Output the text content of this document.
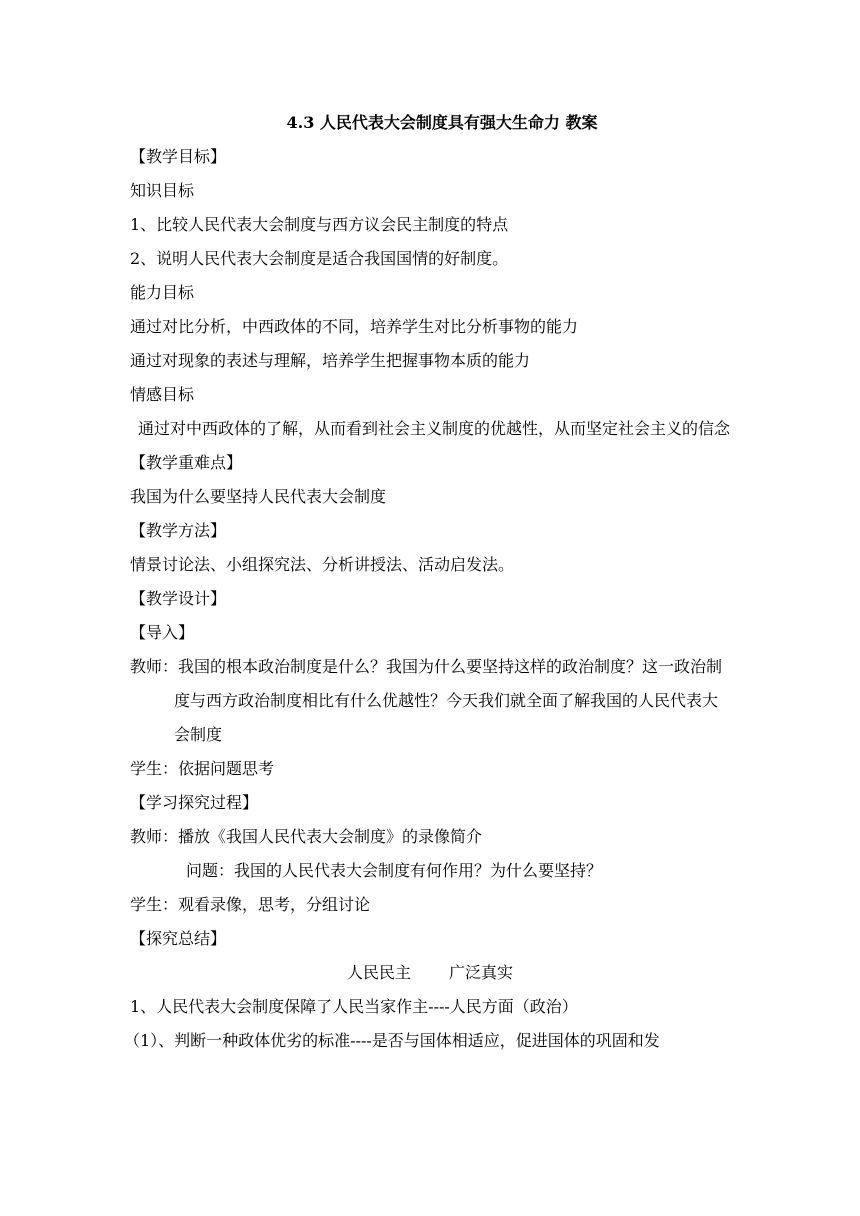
4.3 人民代表大会制度具有强大生命力 教案
【教学目标】
知识目标
1、比较人民代表大会制度与西方议会民主制度的特点
2、说明人民代表大会制度是适合我国国情的好制度。
能力目标
通过对比分析，中西政体的不同，培养学生对比分析事物的能力
通过对现象的表述与理解，培养学生把握事物本质的能力
情感目标
通过对中西政体的了解，从而看到社会主义制度的优越性，从而坚定社会主义的信念
【教学重难点】
我国为什么要坚持人民代表大会制度
【教学方法】
情景讨论法、小组探究法、分析讲授法、活动启发法。
【教学设计】
【导入】
教师：我国的根本政治制度是什么？我国为什么要坚持这样的政治制度？这一政治制度与西方政治制度相比有什么优越性？今天我们就全面了解我国的人民代表大会制度
学生：依据问题思考
【学习探究过程】
教师：播放《我国人民代表大会制度》的录像简介
问题：我国的人民代表大会制度有何作用？为什么要坚持？
学生：观看录像，思考，分组讨论
【探究总结】
人民民主 广泛真实
1、人民代表大会制度保障了人民当家作主----人民方面（政治）
（1）、判断一种政体优劣的标准----是否与国体相适应，促进国体的巩固和发
